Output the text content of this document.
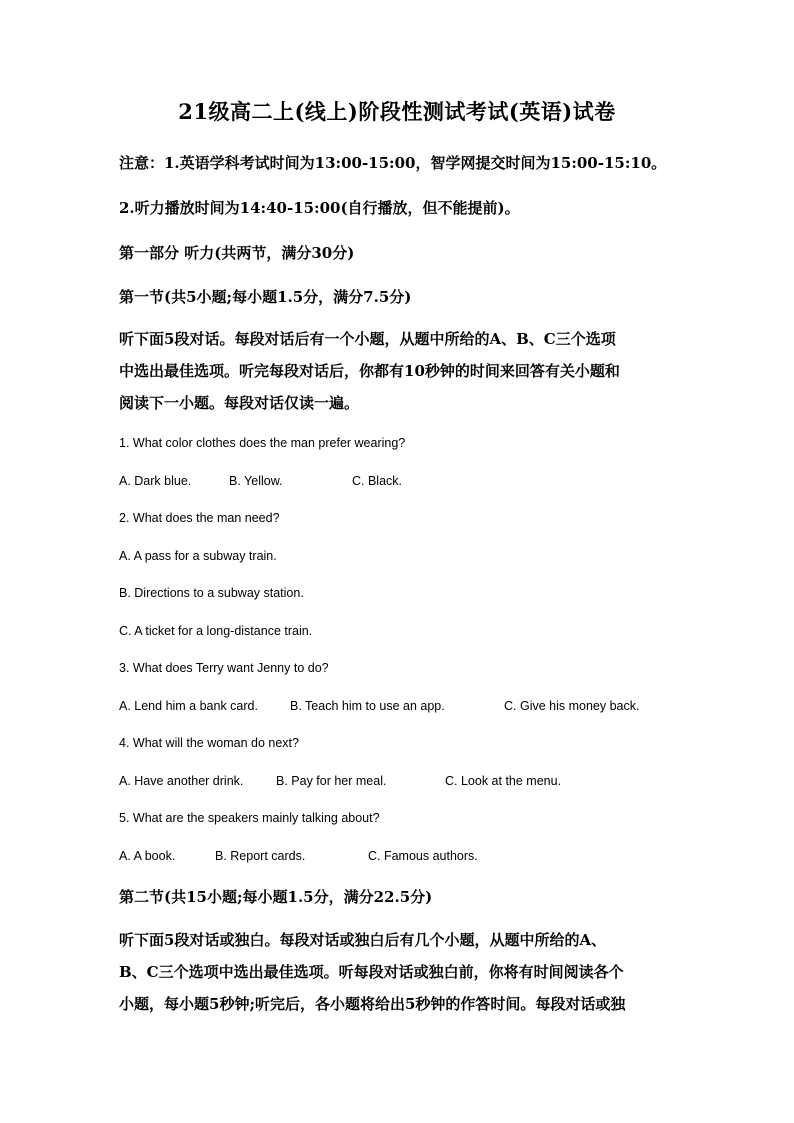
21级高二上(线上)阶段性测试考试(英语)试卷
注意：1.英语学科考试时间为13:00-15:00，智学网提交时间为15:00-15:10。
2.听力播放时间为14:40-15:00(自行播放，但不能提前)。
第一部分 听力(共两节，满分30分)
第一节(共5小题;每小题1.5分，满分7.5分)
听下面5段对话。每段对话后有一个小题，从题中所给的A、B、C三个选项
中选出最佳选项。听完每段对话后，你都有10秒钟的时间来回答有关小题和
阅读下一小题。每段对话仅读一遍。
1. What color clothes does the man prefer wearing?
A. Dark blue.	B. Yellow.	C. Black.
2. What does the man need?
A. A pass for a subway train.
B. Directions to a subway station.
C. A ticket for a long-distance train.
3. What does Terry want Jenny to do?
A. Lend him a bank card.	B. Teach him to use an app.	C. Give his money back.
4. What will the woman do next?
A. Have another drink.	B. Pay for her meal.	C. Look at the menu.
5. What are the speakers mainly talking about?
A. A book.	B. Report cards.	C. Famous authors.
第二节(共15小题;每小题1.5分，满分22.5分)
听下面5段对话或独白。每段对话或独白后有几个小题，从题中所给的A、
B、C三个选项中选出最佳选项。听每段对话或独白前，你将有时间阅读各个
小题，每小题5秒钟;听完后，各小题将给出5秒钟的作答时间。每段对话或独
